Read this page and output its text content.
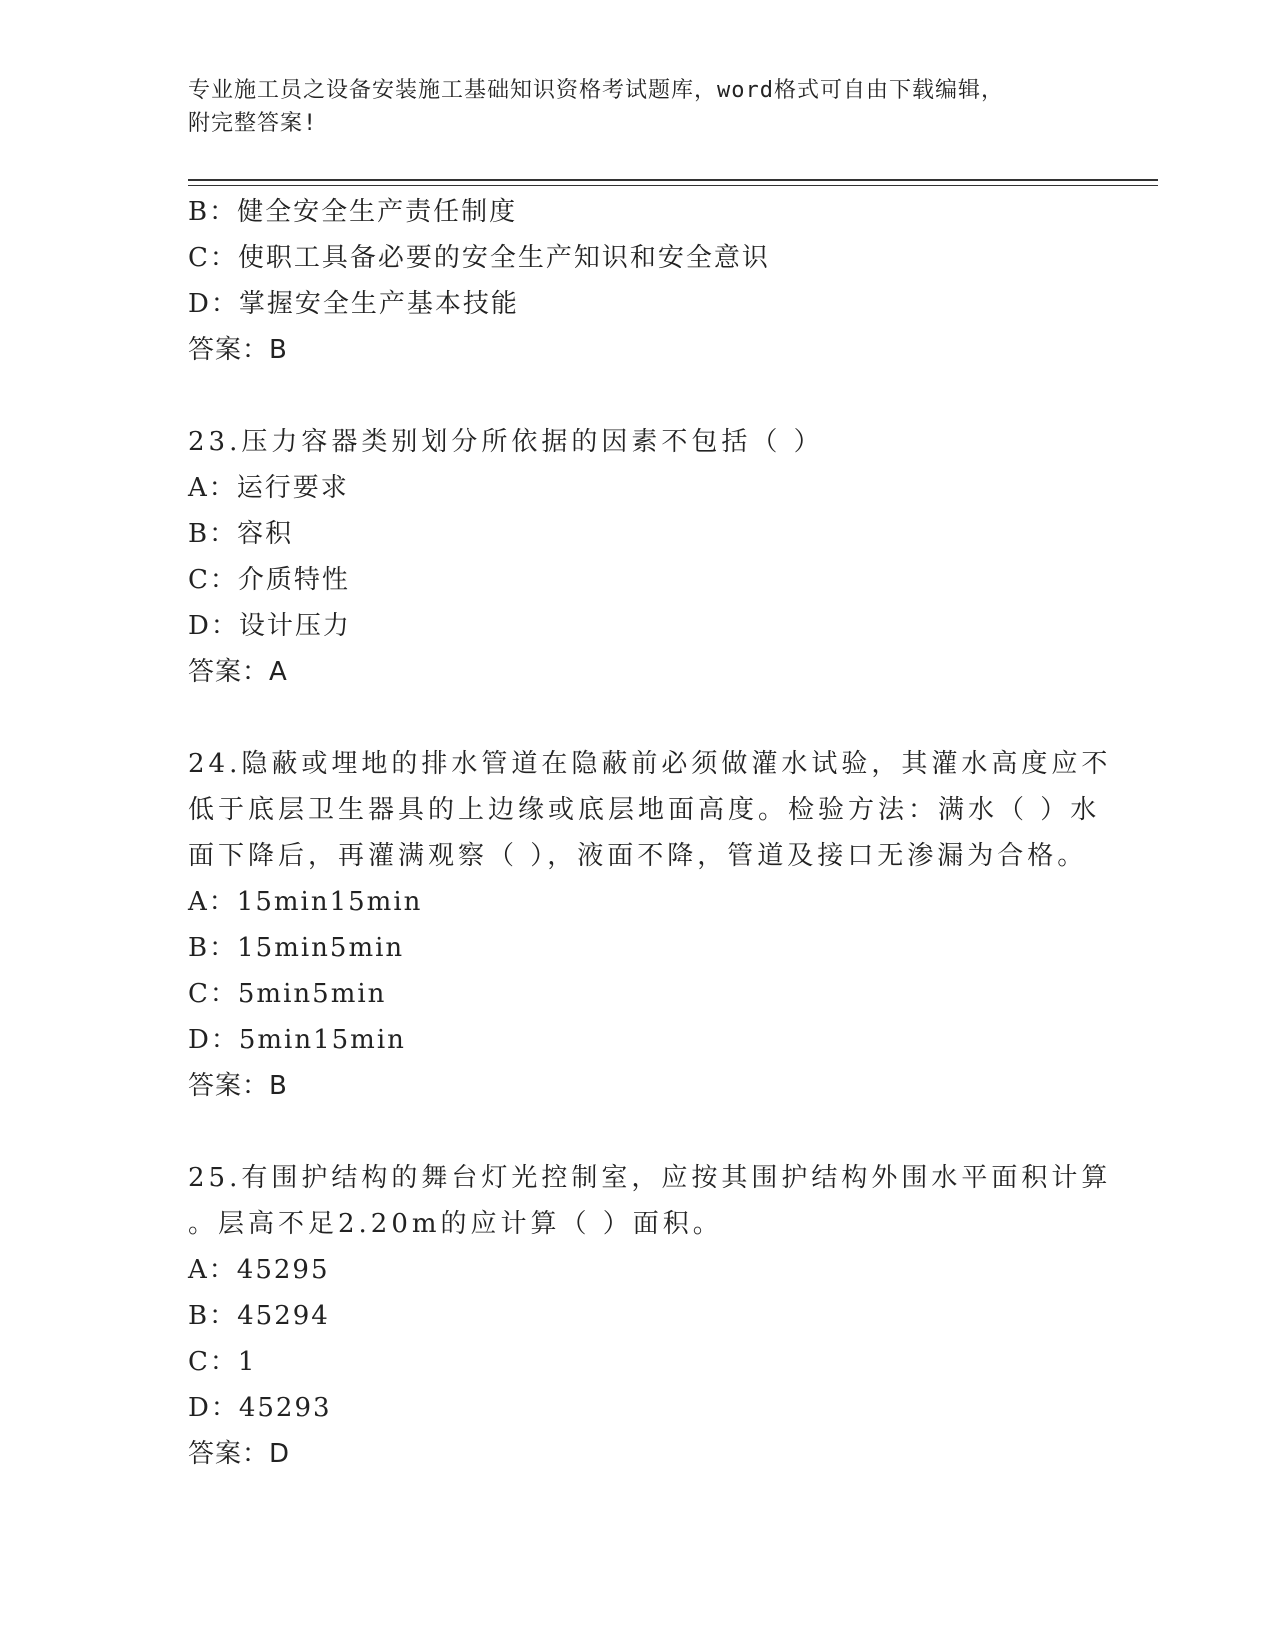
专业施工员之设备安装施工基础知识资格考试题库，word格式可自由下载编辑，
附完整答案!
B：健全安全生产责任制度
C：使职工具备必要的安全生产知识和安全意识
D：掌握安全生产基本技能
答案：B
23.压力容器类别划分所依据的因素不包括（ ）
A：运行要求
B：容积
C：介质特性
D：设计压力
答案：A
24.隐蔽或埋地的排水管道在隐蔽前必须做灌水试验，其灌水高度应不
低于底层卫生器具的上边缘或底层地面高度。检验方法：满水（ ）水
面下降后，再灌满观察（ ），液面不降，管道及接口无渗漏为合格。
A：15min15min
B：15min5min
C：5min5min
D：5min15min
答案：B
25.有围护结构的舞台灯光控制室，应按其围护结构外围水平面积计算
。层高不足2.20m的应计算（ ）面积。
A：45295
B：45294
C：1
D：45293
答案：D
